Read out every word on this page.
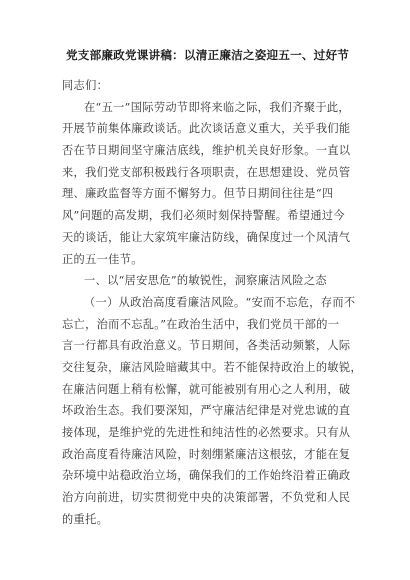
党支部廉政党课讲稿：以清正廉洁之姿迎五一、过好节
同志们：
在“五一”国际劳动节即将来临之际，我们齐聚于此，
开展节前集体廉政谈话。此次谈话意义重大，关乎我们能
否在节日期间坚守廉洁底线，维护机关良好形象。一直以
来，我们党支部积极践行各项职责，在思想建设、党员管
理、廉政监督等方面不懈努力。但节日期间往往是“四
风”问题的高发期，我们必须时刻保持警醒。希望通过今
天的谈话，能让大家筑牢廉洁防线，确保度过一个风清气
正的五一佳节。
一、以“居安思危”的敏锐性，洞察廉洁风险之态
（一）从政治高度看廉洁风险。“安而不忘危，存而不
忘亡，治而不忘乱。”在政治生活中，我们党员干部的一
言一行都具有政治意义。节日期间，各类活动频繁，人际
交往复杂，廉洁风险暗藏其中。若不能保持政治上的敏锐，
在廉洁问题上稍有松懈，就可能被别有用心之人利用，破
坏政治生态。我们要深知，严守廉洁纪律是对党忠诚的直
接体现，是维护党的先进性和纯洁性的必然要求。只有从
政治高度看待廉洁风险，时刻绷紧廉洁这根弦，才能在复
杂环境中站稳政治立场，确保我们的工作始终沿着正确政
治方向前进，切实贯彻党中央的决策部署，不负党和人民
的重托。
